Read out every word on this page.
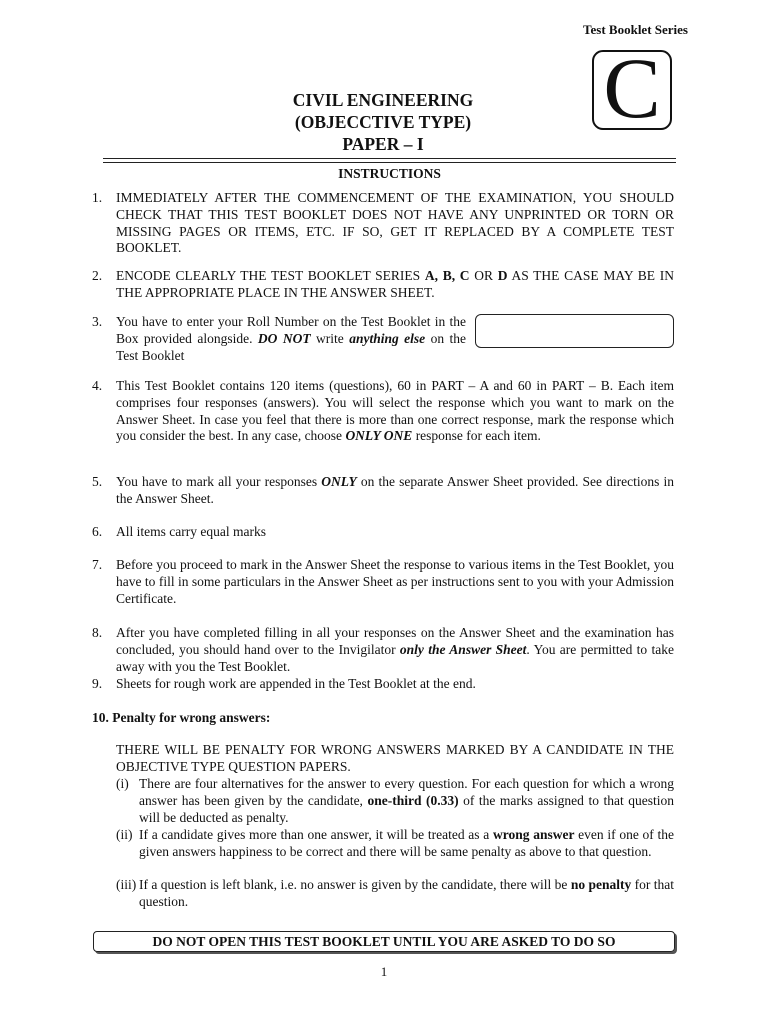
Test Booklet Series
C
CIVIL ENGINEERING
(OBJECCTIVE TYPE)
PAPER – I
INSTRUCTIONS
1. IMMEDIATELY AFTER THE COMMENCEMENT OF THE EXAMINATION, YOU SHOULD CHECK THAT THIS TEST BOOKLET DOES NOT HAVE ANY UNPRINTED OR TORN OR MISSING PAGES OR ITEMS, ETC. IF SO, GET IT REPLACED BY A COMPLETE TEST BOOKLET.
2. ENCODE CLEARLY THE TEST BOOKLET SERIES A, B, C OR D AS THE CASE MAY BE IN THE APPROPRIATE PLACE IN THE ANSWER SHEET.
3. You have to enter your Roll Number on the Test Booklet in the Box provided alongside. DO NOT write anything else on the Test Booklet
4. This Test Booklet contains 120 items (questions), 60 in PART – A and 60 in PART – B. Each item comprises four responses (answers). You will select the response which you want to mark on the Answer Sheet. In case you feel that there is more than one correct response, mark the response which you consider the best. In any case, choose ONLY ONE response for each item.
5. You have to mark all your responses ONLY on the separate Answer Sheet provided. See directions in the Answer Sheet.
6. All items carry equal marks
7. Before you proceed to mark in the Answer Sheet the response to various items in the Test Booklet, you have to fill in some particulars in the Answer Sheet as per instructions sent to you with your Admission Certificate.
8. After you have completed filling in all your responses on the Answer Sheet and the examination has concluded, you should hand over to the Invigilator only the Answer Sheet. You are permitted to take away with you the Test Booklet.
9. Sheets for rough work are appended in the Test Booklet at the end.
10. Penalty for wrong answers:
THERE WILL BE PENALTY FOR WRONG ANSWERS MARKED BY A CANDIDATE IN THE OBJECTIVE TYPE QUESTION PAPERS.
(i) There are four alternatives for the answer to every question. For each question for which a wrong answer has been given by the candidate, one-third (0.33) of the marks assigned to that question will be deducted as penalty.
(ii) If a candidate gives more than one answer, it will be treated as a wrong answer even if one of the given answers happiness to be correct and there will be same penalty as above to that question.
(iii) If a question is left blank, i.e. no answer is given by the candidate, there will be no penalty for that question.
DO NOT OPEN THIS TEST BOOKLET UNTIL YOU ARE ASKED TO DO SO
1
